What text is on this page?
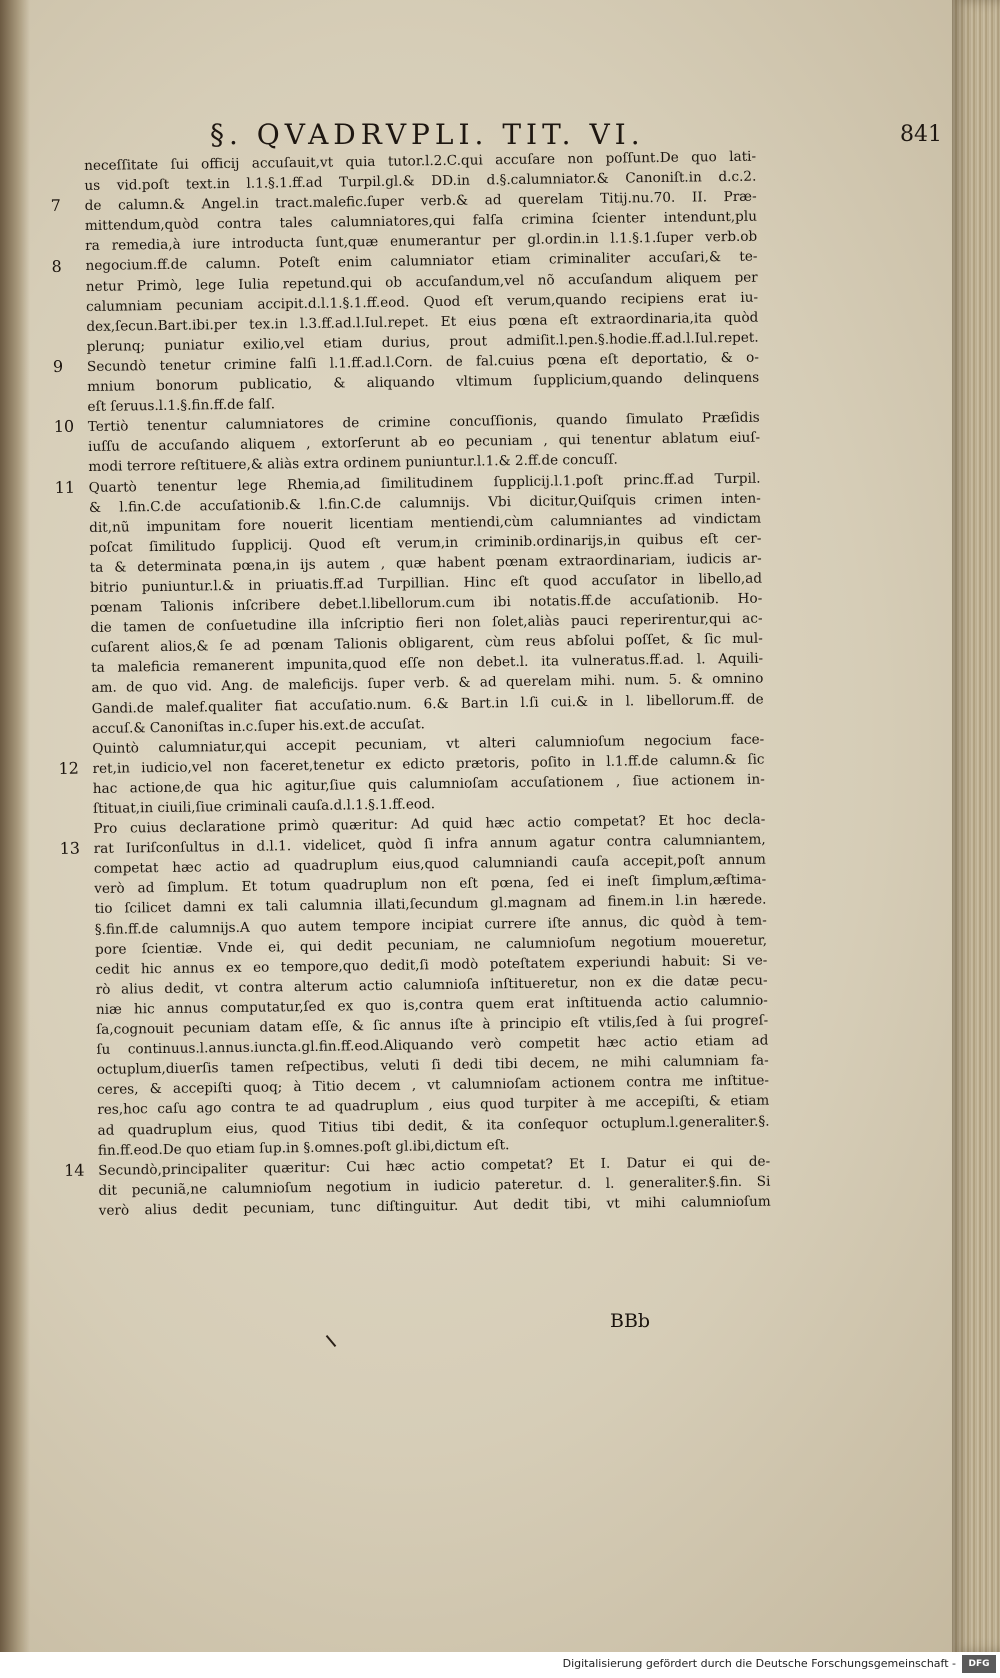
§. QVADRVPLI. TIT. VI.	841
7
8
9
10
11
12
13
14
neceſſitate ſui officij accuſauit,vt quia tutor.l.2.C.qui accuſare non poſſunt.De quo lati-
us vid.poſt text.in l.1.§.1.ff.ad Turpil.gl.& DD.in d.§.calumniator.& Canoniſt.in d.c.2.
de calumn.& Angel.in tract.malefic.ſuper verb.& ad querelam Titij.nu.70. II. Præ-
mittendum,quòd contra tales calumniatores,qui falſa crimina ſcienter intendunt,plu
ra remedia,à iure introducta ſunt,quæ enumerantur per gl.ordin.in l.1.§.1.ſuper verb.ob
negocium.ff.de calumn. Poteſt enim calumniator etiam criminaliter accuſari,& te-
netur Primò, lege Iulia repetund.qui ob accuſandum,vel nõ accuſandum aliquem per
calumniam pecuniam accipit.d.l.1.§.1.ff.eod. Quod eſt verum,quando recipiens erat iu-
dex,ſecun.Bart.ibi.per tex.in l.3.ff.ad.l.Iul.repet. Et eius pœna eſt extraordinaria,ita quòd
plerunq; puniatur exilio,vel etiam durius, prout admiſit.l.pen.§.hodie.ff.ad.l.Iul.repet.
Secundò tenetur crimine falſi l.1.ff.ad.l.Corn. de fal.cuius pœna eſt deportatio, & o-
mnium bonorum publicatio, & aliquando vltimum ſupplicium,quando delinquens
eſt ſeruus.l.1.§.fin.ff.de falſ.
Tertiò tenentur calumniatores de crimine concuſſionis, quando ſimulato Præſidis
iuſſu de accuſando aliquem , extorſerunt ab eo pecuniam , qui tenentur ablatum eiuſ-
modi terrore reſtituere,& aliàs extra ordinem puniuntur.l.1.& 2.ff.de concuſſ.
Quartò tenentur lege Rhemia,ad ſimilitudinem ſupplicij.l.1.poſt princ.ff.ad Turpil.
& l.fin.C.de accuſationib.& l.fin.C.de calumnijs. Vbi dicitur,Quiſquis crimen inten-
dit,nũ impunitam fore nouerit licentiam mentiendi,cùm calumniantes ad vindictam
poſcat ſimilitudo ſupplicij. Quod eſt verum,in criminib.ordinarijs,in quibus eſt cer-
ta & determinata pœna,in ijs autem , quæ habent pœnam extraordinariam, iudicis ar-
bitrio puniuntur.l.& in priuatis.ff.ad Turpillian. Hinc eſt quod accuſator in libello,ad
pœnam Talionis inſcribere debet.l.libellorum.cum ibi notatis.ff.de accuſationib. Ho-
die tamen de conſuetudine illa inſcriptio fieri non ſolet,aliàs pauci reperirentur,qui ac-
cuſarent alios,& ſe ad pœnam Talionis obligarent, cùm reus abſolui poſſet, & ſic mul-
ta maleficia remanerent impunita,quod eſſe non debet.l. ita vulneratus.ff.ad. l. Aquili-
am. de quo vid. Ang. de maleficijs. ſuper verb. & ad querelam mihi. num. 5. & omnino
Gandi.de malef.qualiter fiat accuſatio.num. 6.& Bart.in l.ſi cui.& in l. libellorum.ff. de
accuſ.& Canoniſtas in.c.ſuper his.ext.de accuſat.
Quintò calumniatur,qui accepit pecuniam, vt alteri calumnioſum negocium face-
ret,in iudicio,vel non faceret,tenetur ex edicto prætoris, poſito in l.1.ff.de calumn.& ſic
hac actione,de qua hic agitur,ſiue quis calumnioſam accuſationem , ſiue actionem in-
ſtituat,in ciuili,ſiue criminali cauſa.d.l.1.§.1.ff.eod.
Pro cuius declaratione primò quæritur: Ad quid hæc actio competat? Et hoc decla-
rat Iuriſconſultus in d.l.1. videlicet, quòd ſi infra annum agatur contra calumniantem,
competat hæc actio ad quadruplum eius,quod calumniandi cauſa accepit,poſt annum
verò ad ſimplum. Et totum quadruplum non eſt pœna, ſed ei ineſt ſimplum,æſtima-
tio ſcilicet damni ex tali calumnia illati,ſecundum gl.magnam ad finem.in l.in hærede.
§.fin.ff.de calumnijs.A quo autem tempore incipiat currere iſte annus, dic quòd à tem-
pore ſcientiæ. Vnde ei, qui dedit pecuniam, ne calumnioſum negotium moueretur,
cedit hic annus ex eo tempore,quo dedit,ſi modò poteſtatem experiundi habuit: Si ve-
rò alius dedit, vt contra alterum actio calumnioſa inſtitueretur, non ex die datæ pecu-
niæ hic annus computatur,ſed ex quo is,contra quem erat inſtituenda actio calumnio-
ſa,cognouit pecuniam datam eſſe, & ſic annus iſte à principio eſt vtilis,ſed à ſui progreſ-
ſu continuus.l.annus.iuncta.gl.fin.ff.eod.Aliquando verò competit hæc actio etiam ad
octuplum,diuerſis tamen reſpectibus, veluti ſi dedi tibi decem, ne mihi calumniam fa-
ceres, & accepiſti quoq; à Titio decem , vt calumnioſam actionem contra me inſtitue-
res,hoc caſu ago contra te ad quadruplum , eius quod turpiter à me accepiſti, & etiam
ad quadruplum eius, quod Titius tibi dedit, & ita conſequor octuplum.l.generaliter.§.
fin.ff.eod.De quo etiam ſup.in §.omnes.poſt gl.ibi,dictum eſt.
Secundò,principaliter quæritur: Cui hæc actio competat? Et I. Datur ei qui de-
dit pecuniã,ne calumnioſum negotium in iudicio pateretur. d. l. generaliter.§.fin. Si
verò alius dedit pecuniam, tunc diſtinguitur. Aut dedit tibi, vt mihi calumnioſum
BBb
Digitalisierung gefördert durch die Deutsche Forschungsgemeinschaft -	DFG
